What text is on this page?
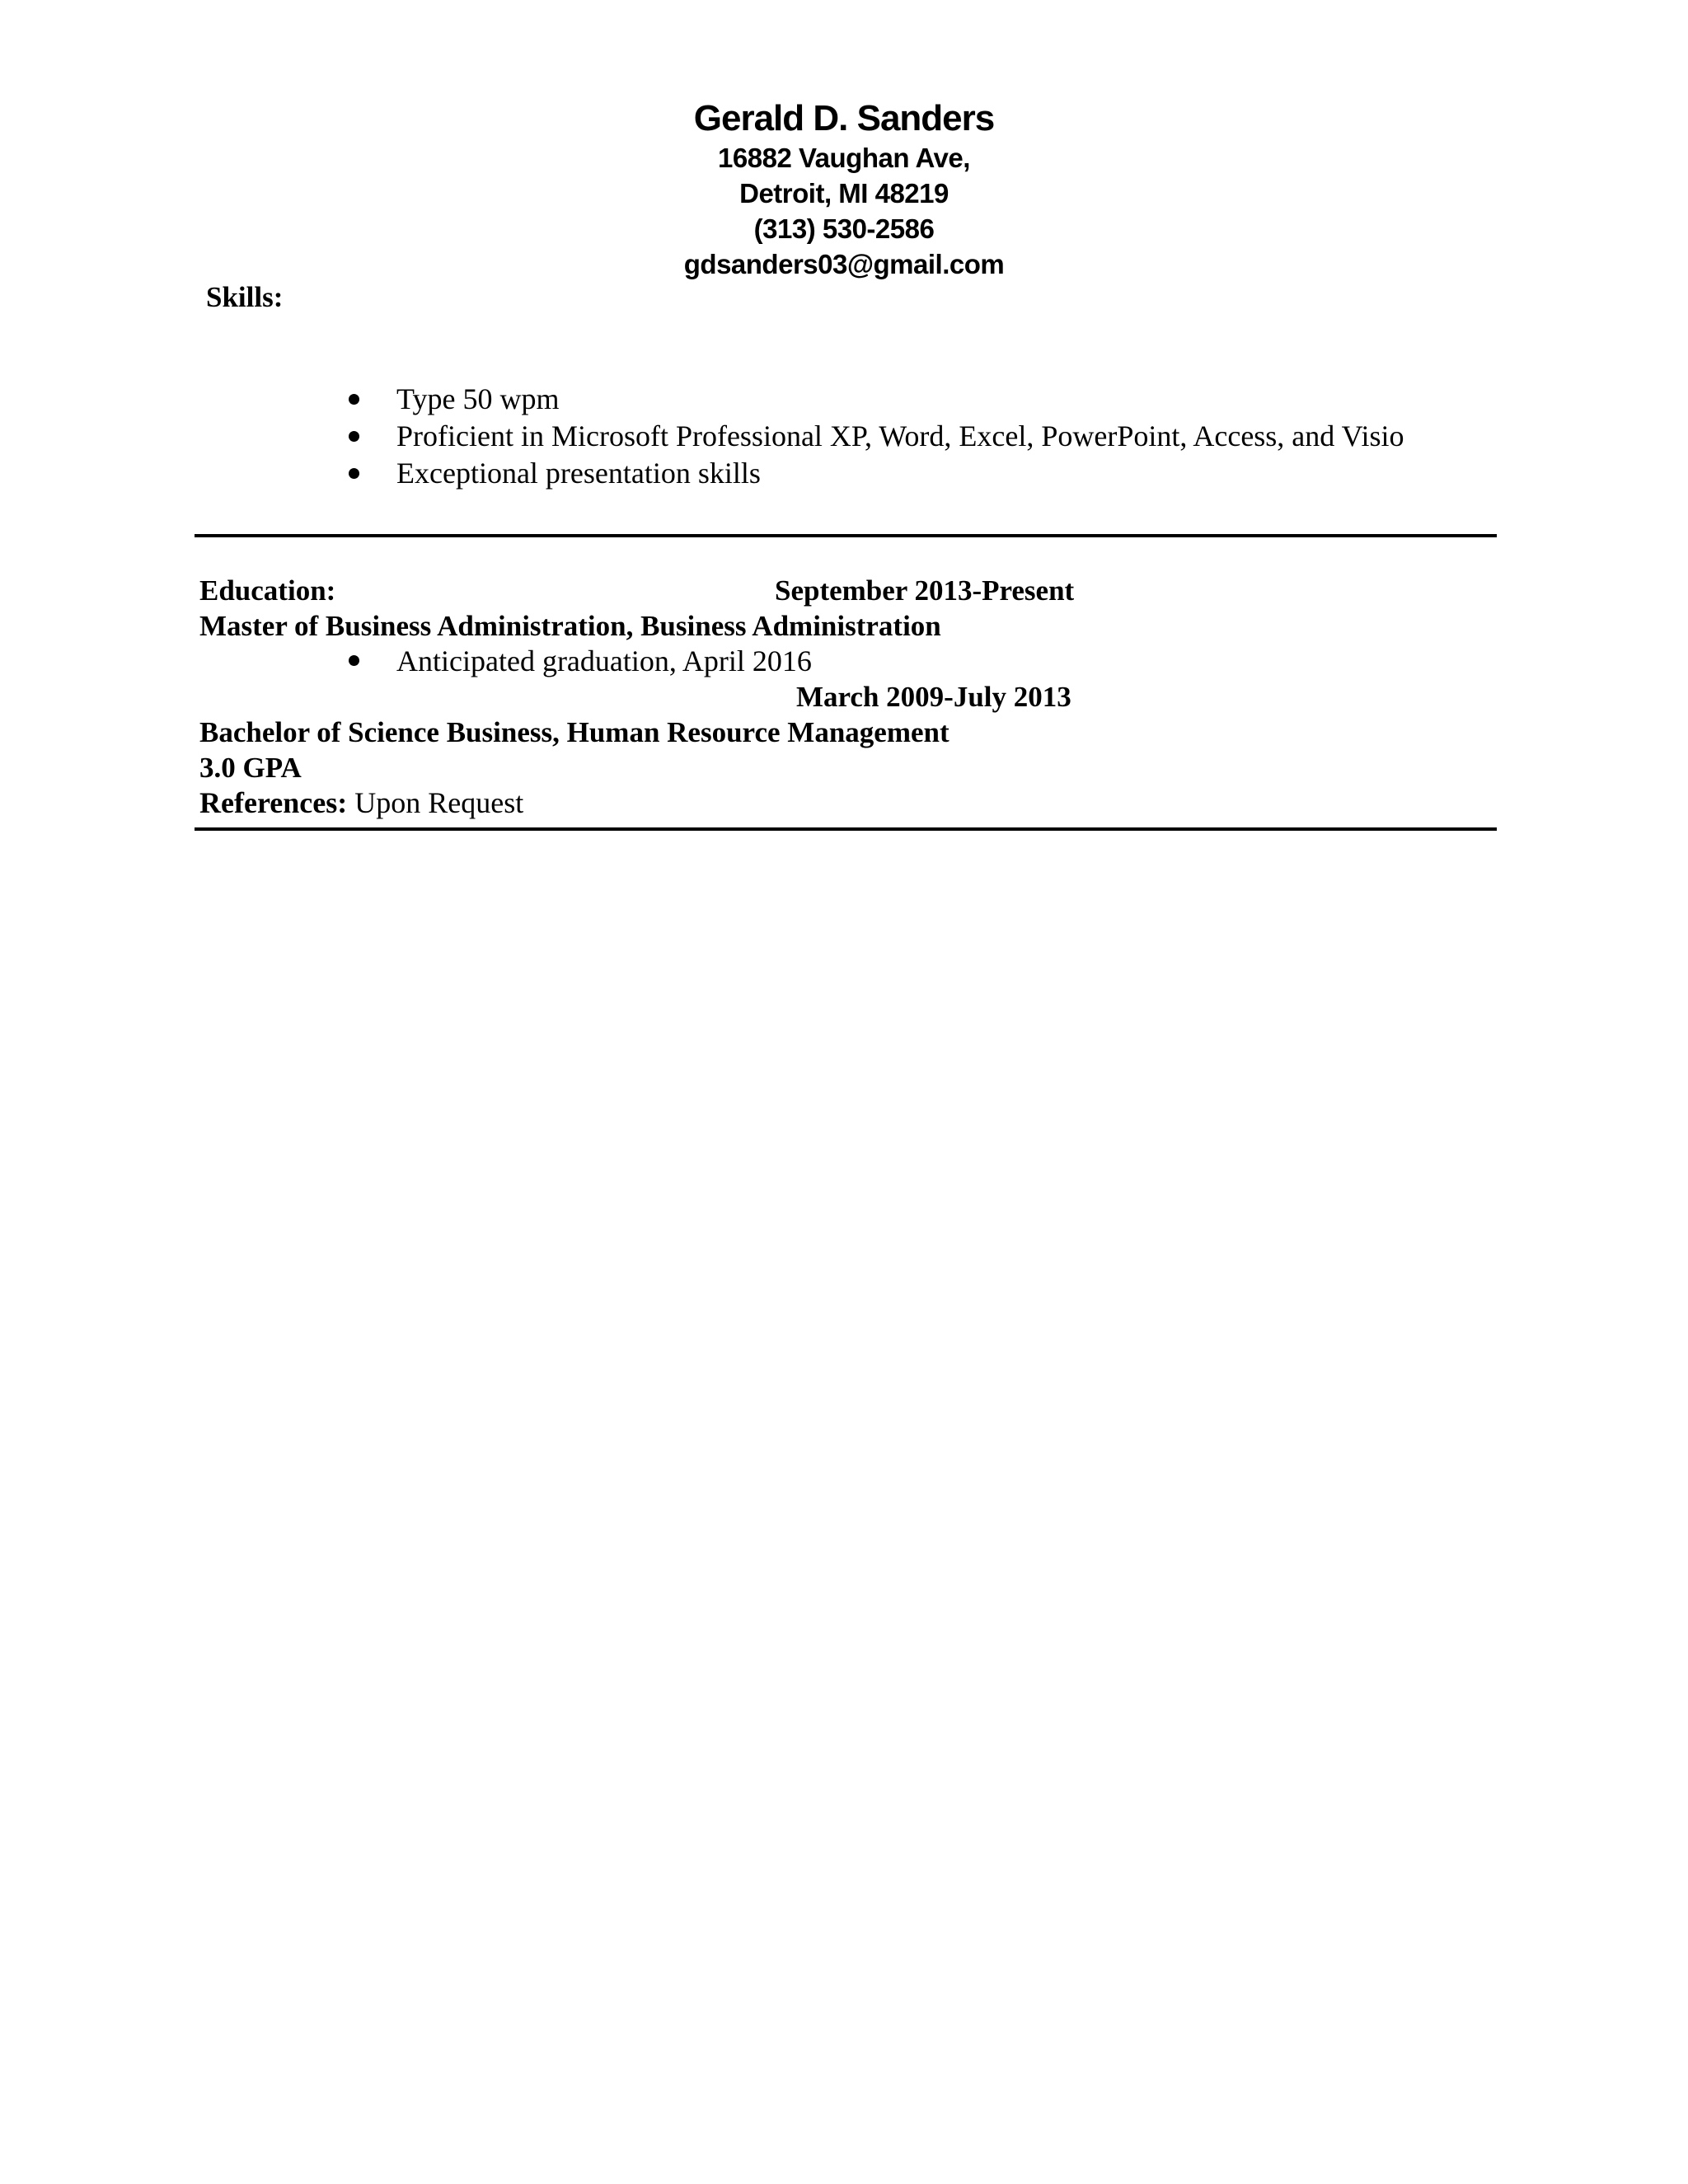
Gerald D. Sanders
16882 Vaughan Ave,
Detroit, MI 48219
(313) 530-2586
gdsanders03@gmail.com
Skills:
Type 50 wpm
Proficient in Microsoft Professional XP, Word, Excel, PowerPoint, Access, and Visio
Exceptional presentation skills
Education:	September 2013-Present
Master of Business Administration, Business Administration
Anticipated graduation, April 2016
March 2009-July 2013
Bachelor of Science Business, Human Resource Management
3.0 GPA
References: Upon Request
